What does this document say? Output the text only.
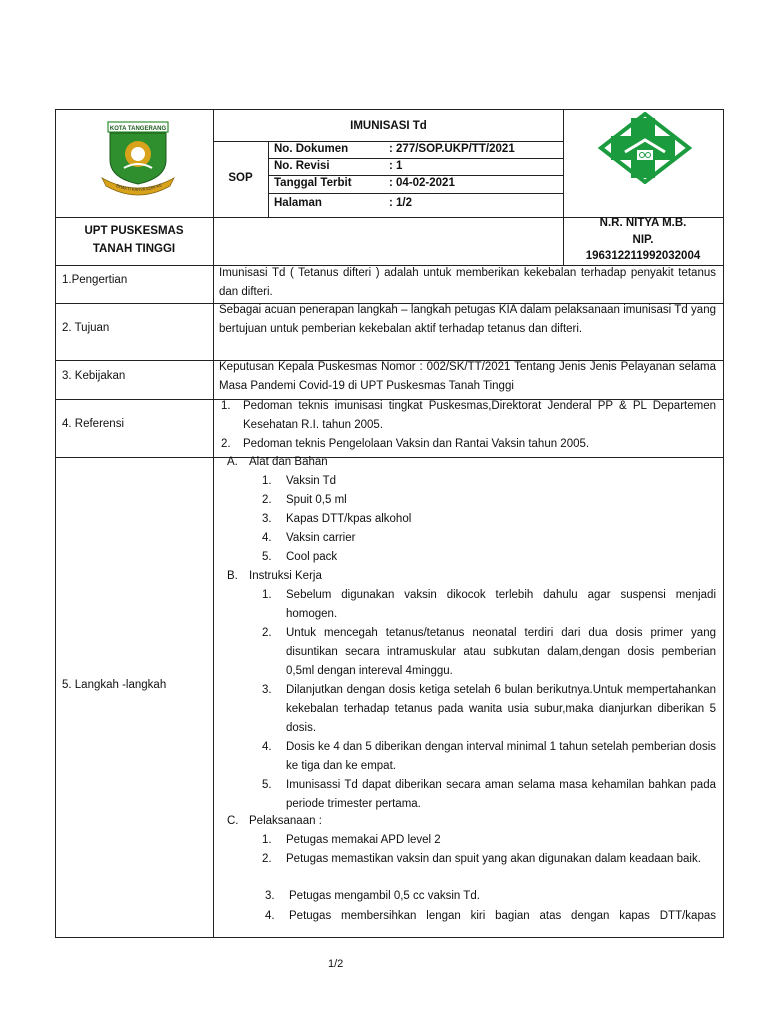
KOTA TANGERANG
BHAKTI KARYA ADHI KE
IMUNISASI Td
SOP
No. Dokumen	: 277/SOP.UKP/TT/2021
No. Revisi	: 1
Tanggal Terbit	: 04-02-2021
Halaman	: 1/2
UPT PUSKESMAS
TANAH TINGGI
N.R. NITYA M.B.
NIP.
196312211992032004
1.Pengertian
Imunisasi Td ( Tetanus difteri ) adalah untuk memberikan kekebalan terhadap penyakit tetanus dan difteri.
2. Tujuan
Sebagai acuan penerapan langkah – langkah petugas KIA dalam pelaksanaan imunisasi Td yang bertujuan untuk pemberian kekebalan aktif terhadap tetanus dan difteri.
3. Kebijakan
Keputusan Kepala Puskesmas Nomor : 002/SK/TT/2021 Tentang Jenis Jenis Pelayanan selama Masa Pandemi Covid-19 di UPT Puskesmas Tanah Tinggi
4. Referensi
1. Pedoman teknis imunisasi tingkat Puskesmas,Direktorat Jenderal PP & PL Departemen Kesehatan R.I. tahun 2005.
2. Pedoman teknis Pengelolaan Vaksin dan Rantai Vaksin tahun 2005.
5. Langkah -langkah
A. Alat dan Bahan
1. Vaksin Td
2. Spuit 0,5 ml
3. Kapas DTT/kpas alkohol
4. Vaksin carrier
5. Cool pack
B. Instruksi Kerja
1. Sebelum digunakan vaksin dikocok terlebih dahulu agar suspensi menjadi homogen.
2. Untuk mencegah tetanus/tetanus neonatal terdiri dari dua dosis primer yang disuntikan secara intramuskular atau subkutan dalam,dengan dosis pemberian 0,5ml dengan intereval 4minggu.
3. Dilanjutkan dengan dosis ketiga setelah 6 bulan berikutnya.Untuk mempertahankan kekebalan terhadap tetanus pada wanita usia subur,maka dianjurkan diberikan 5 dosis.
4. Dosis ke 4 dan 5 diberikan dengan interval minimal 1 tahun setelah pemberian dosis ke tiga dan ke empat.
5. Imunisassi Td dapat diberikan secara aman selama masa kehamilan bahkan pada periode trimester pertama.
C. Pelaksanaan :
1. Petugas memakai APD level 2
2. Petugas memastikan vaksin dan spuit yang akan digunakan dalam keadaan baik.
3. Petugas mengambil 0,5 cc vaksin Td.
4. Petugas membersihkan lengan kiri bagian atas dengan kapas DTT/kapas
1/2
